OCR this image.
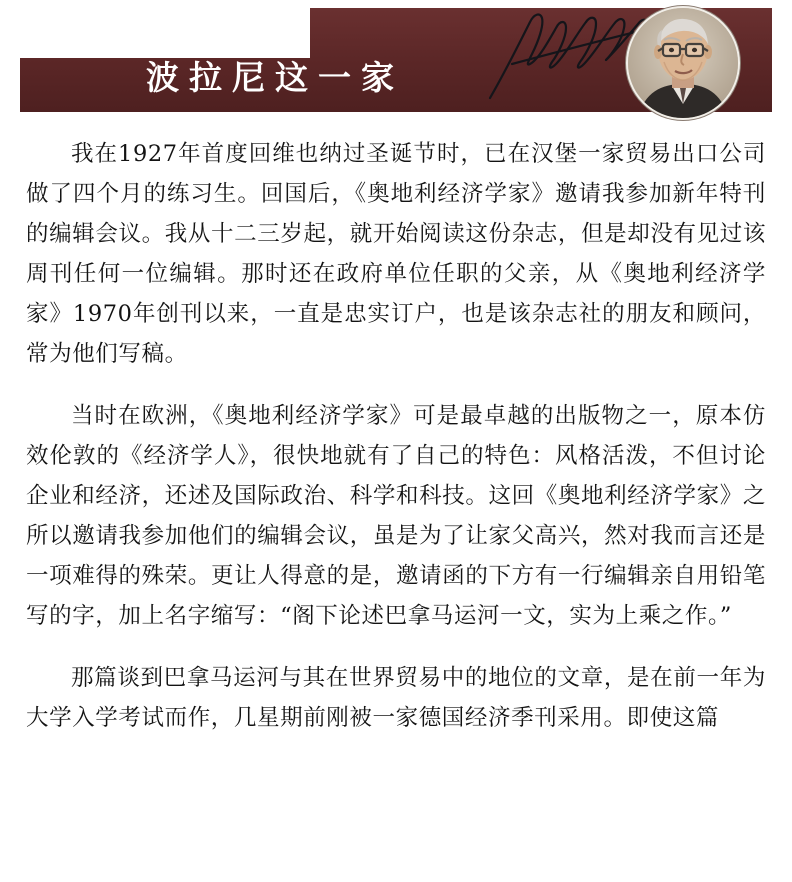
第 6 章
波拉尼这一家

我在1927年首度回维也纳过圣诞节时，已在汉堡一家贸易出口公司做了四个月的练习生。回国后，《奥地利经济学家》邀请我参加新年特刊的编辑会议。我从十二三岁起，就开始阅读这份杂志，但是却没有见过该周刊任何一位编辑。那时还在政府单位任职的父亲，从《奥地利经济学家》1970年创刊以来，一直是忠实订户，也是该杂志社的朋友和顾问，常为他们写稿。

当时在欧洲，《奥地利经济学家》可是最卓越的出版物之一，原本仿效伦敦的《经济学人》，很快地就有了自己的特色：风格活泼，不但讨论企业和经济，还述及国际政治、科学和科技。这回《奥地利经济学家》之所以邀请我参加他们的编辑会议，虽是为了让家父高兴，然对我而言还是一项难得的殊荣。更让人得意的是，邀请函的下方有一行编辑亲自用铅笔写的字，加上名字缩写：“阁下论述巴拿马运河一文，实为上乘之作。”

那篇谈到巴拿马运河与其在世界贸易中的地位的文章，是在前一年为大学入学考试而作，几星期前刚被一家德国经济季刊采用。即使这篇
